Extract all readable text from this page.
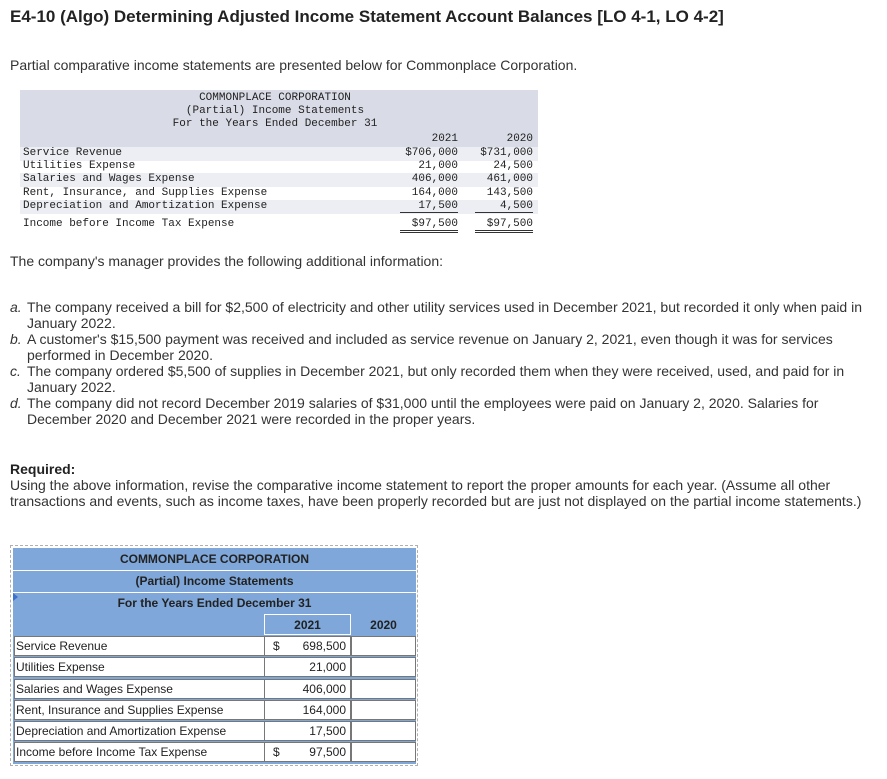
E4-10 (Algo) Determining Adjusted Income Statement Account Balances [LO 4-1, LO 4-2]
Partial comparative income statements are presented below for Commonplace Corporation.
COMMONPLACE CORPORATION
(Partial) Income Statements
For the Years Ended December 31
2021	2020
Service Revenue	$706,000	$731,000
Utilities Expense	21,000	24,500
Salaries and Wages Expense	406,000	461,000
Rent, Insurance, and Supplies Expense	164,000	143,500
Depreciation and Amortization Expense	17,500	4,500
Income before Income Tax Expense	$97,500	$97,500
The company's manager provides the following additional information:
a. The company received a bill for $2,500 of electricity and other utility services used in December 2021, but recorded it only when paid in January 2022.
b. A customer's $15,500 payment was received and included as service revenue on January 2, 2021, even though it was for services performed in December 2020.
c. The company ordered $5,500 of supplies in December 2021, but only recorded them when they were received, used, and paid for in January 2022.
d. The company did not record December 2019 salaries of $31,000 until the employees were paid on January 2, 2020. Salaries for December 2020 and December 2021 were recorded in the proper years.
Required:
Using the above information, revise the comparative income statement to report the proper amounts for each year. (Assume all other transactions and events, such as income taxes, have been properly recorded but are just not displayed on the partial income statements.)
COMMONPLACE CORPORATION
(Partial) Income Statements
For the Years Ended December 31
2021	2020
Service Revenue	$	698,500
Utilities Expense	21,000
Salaries and Wages Expense	406,000
Rent, Insurance and Supplies Expense	164,000
Depreciation and Amortization Expense	17,500
Income before Income Tax Expense	$	97,500
